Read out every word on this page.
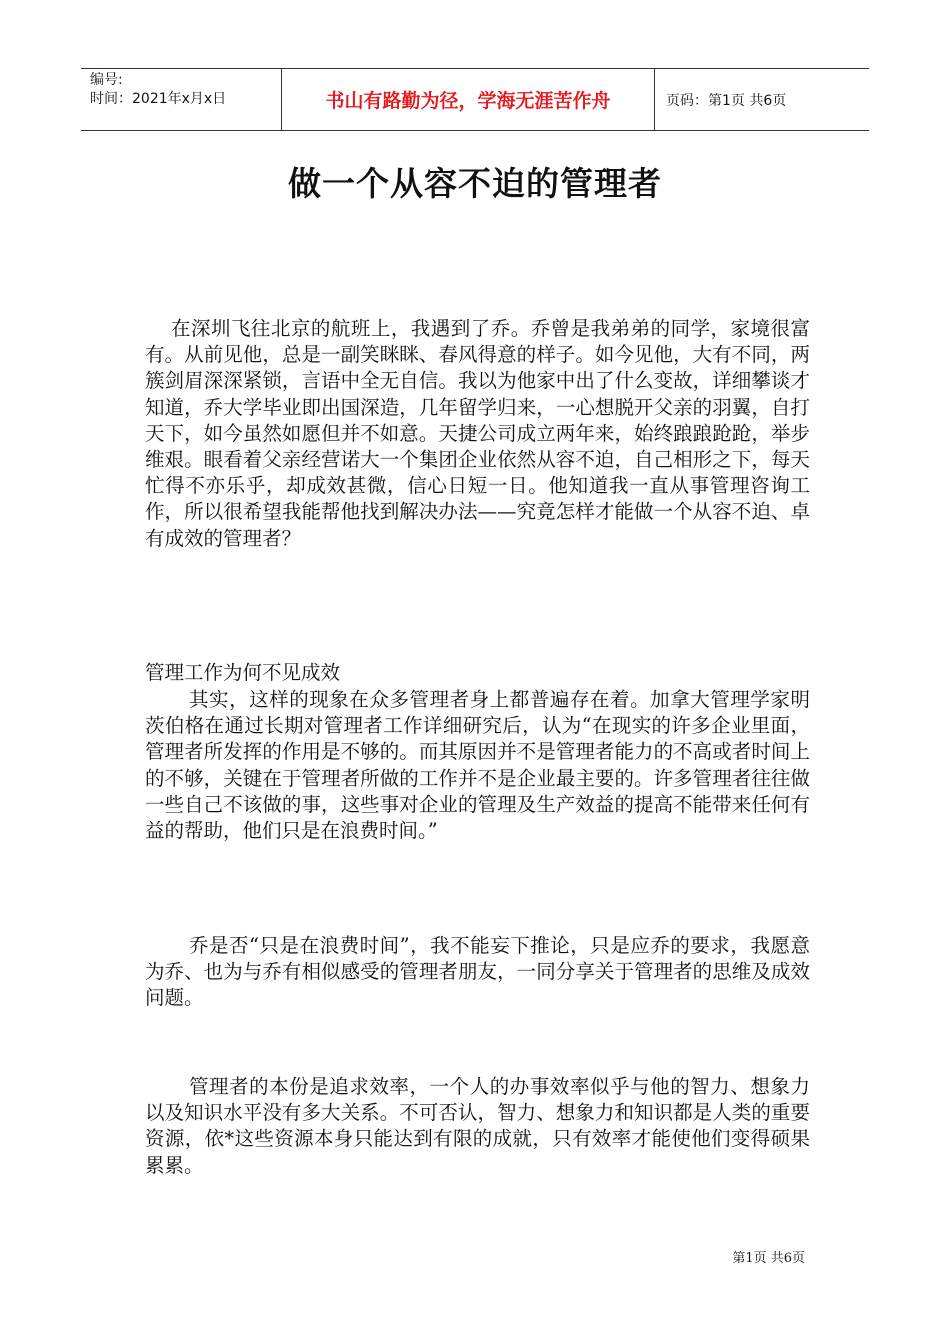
编号:
时间：2021年x月x日	书山有路勤为径，学海无涯苦作舟	页码：第1页 共6页
做一个从容不迫的管理者

在深圳飞往北京的航班上，我遇到了乔。乔曾是我弟弟的同学，家境很富有。从前见他，总是一副笑眯眯、春风得意的样子。如今见他，大有不同，两簇剑眉深深紧锁，言语中全无自信。我以为他家中出了什么变故，详细攀谈才知道，乔大学毕业即出国深造，几年留学归来，一心想脱开父亲的羽翼，自打天下，如今虽然如愿但并不如意。天捷公司成立两年来，始终踉踉跄跄，举步维艰。眼看着父亲经营诺大一个集团企业依然从容不迫，自己相形之下，每天忙得不亦乐乎，却成效甚微，信心日短一日。他知道我一直从事管理咨询工作，所以很希望我能帮他找到解决办法——究竟怎样才能做一个从容不迫、卓有成效的管理者？

管理工作为何不见成效

其实，这样的现象在众多管理者身上都普遍存在着。加拿大管理学家明茨伯格在通过长期对管理者工作详细研究后，认为“在现实的许多企业里面，管理者所发挥的作用是不够的。而其原因并不是管理者能力的不高或者时间上的不够，关键在于管理者所做的工作并不是企业最主要的。许多管理者往往做一些自己不该做的事，这些事对企业的管理及生产效益的提高不能带来任何有益的帮助，他们只是在浪费时间。”

乔是否“只是在浪费时间”，我不能妄下推论，只是应乔的要求，我愿意为乔、也为与乔有相似感受的管理者朋友，一同分享关于管理者的思维及成效问题。

管理者的本份是追求效率，一个人的办事效率似乎与他的智力、想象力以及知识水平没有多大关系。不可否认，智力、想象力和知识都是人类的重要资源，依*这些资源本身只能达到有限的成就，只有效率才能使他们变得硕果累累。

第1页 共6页
